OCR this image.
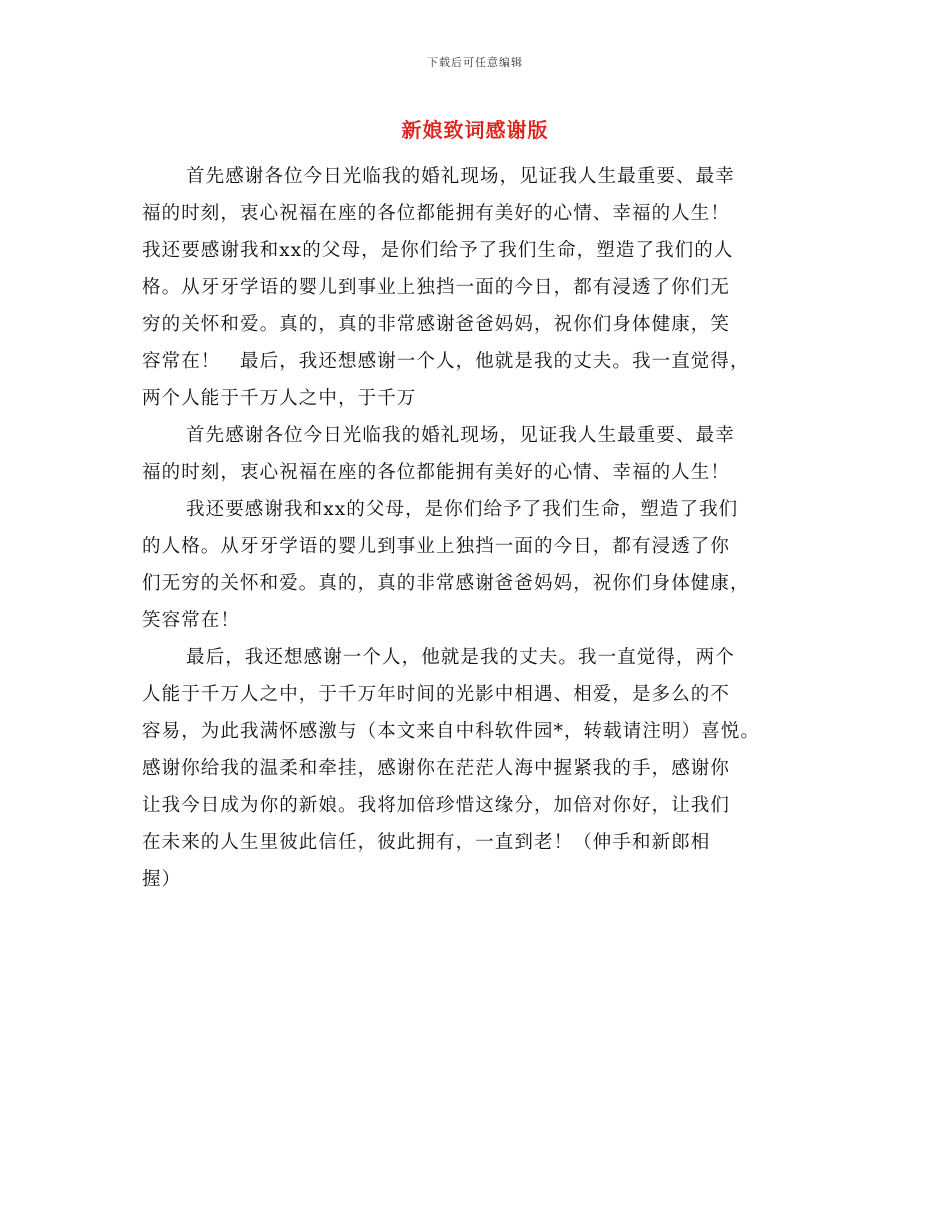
下载后可任意编辑
新娘致词感谢版
首先感谢各位今日光临我的婚礼现场，见证我人生最重要、最幸
福的时刻，衷心祝福在座的各位都能拥有美好的心情、幸福的人生！
我还要感谢我和xx的父母，是你们给予了我们生命，塑造了我们的人
格。从牙牙学语的婴儿到事业上独挡一面的今日，都有浸透了你们无
穷的关怀和爱。真的，真的非常感谢爸爸妈妈，祝你们身体健康，笑
容常在！　最后，我还想感谢一个人，他就是我的丈夫。我一直觉得，
两个人能于千万人之中，于千万
首先感谢各位今日光临我的婚礼现场，见证我人生最重要、最幸
福的时刻，衷心祝福在座的各位都能拥有美好的心情、幸福的人生！
我还要感谢我和xx的父母，是你们给予了我们生命，塑造了我们
的人格。从牙牙学语的婴儿到事业上独挡一面的今日，都有浸透了你
们无穷的关怀和爱。真的，真的非常感谢爸爸妈妈，祝你们身体健康，
笑容常在！
最后，我还想感谢一个人，他就是我的丈夫。我一直觉得，两个
人能于千万人之中，于千万年时间的光影中相遇、相爱，是多么的不
容易，为此我满怀感激与（本文来自中科软件园*，转载请注明）喜悦。
感谢你给我的温柔和牵挂，感谢你在茫茫人海中握紧我的手，感谢你
让我今日成为你的新娘。我将加倍珍惜这缘分，加倍对你好，让我们
在未来的人生里彼此信任，彼此拥有，一直到老！（伸手和新郎相
握）
